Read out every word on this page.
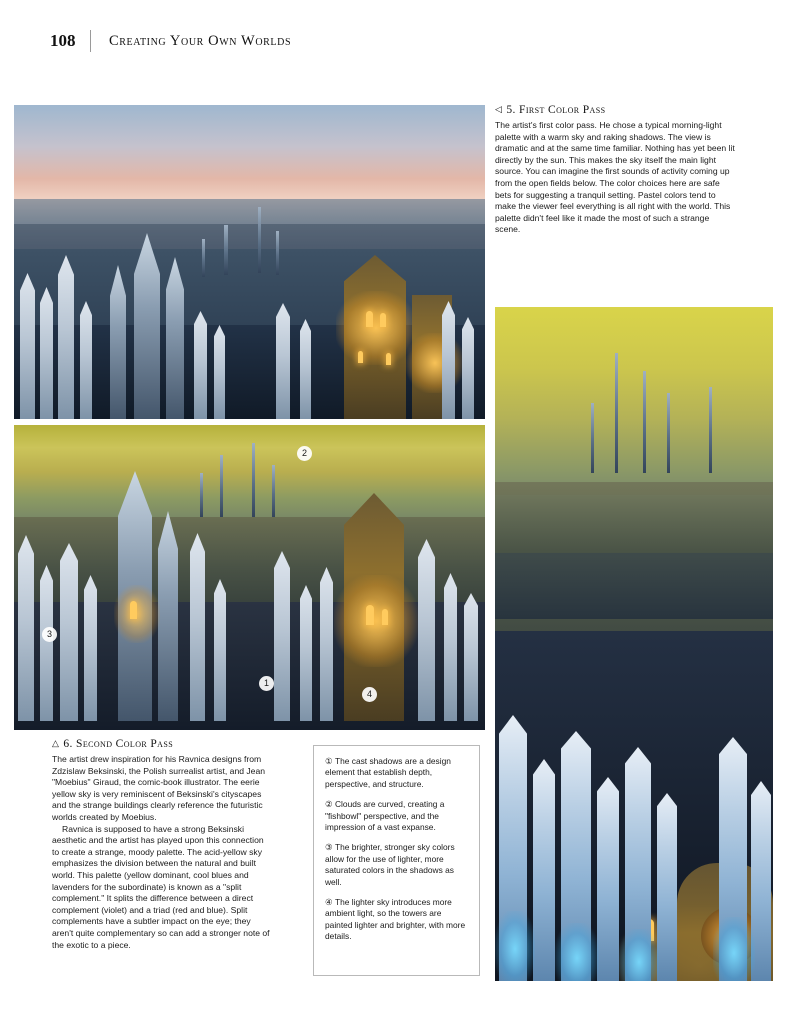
108	Creating Your Own Worlds
2
3
1
4
◁ 5. First Color Pass

The artist's first color pass. He chose a typical morning-light palette with a warm sky and raking shadows. The view is dramatic and at the same time familiar. Nothing has yet been lit directly by the sun. This makes the sky itself the main light source. You can imagine the first sounds of activity coming up from the open fields below. The color choices here are safe bets for suggesting a tranquil setting. Pastel colors tend to make the viewer feel everything is all right with the world. This palette didn't feel like it made the most of such a strange scene.

△ 6. Second Color Pass

The artist drew inspiration for his Ravnica designs from Zdzislaw Beksinski, the Polish surrealist artist, and Jean "Moebius" Giraud, the comic-book illustrator. The eerie yellow sky is very reminiscent of Beksinski's cityscapes and the strange buildings clearly reference the futuristic worlds created by Moebius.

Ravnica is supposed to have a strong Beksinski aesthetic and the artist has played upon this connection to create a strange, moody palette. The acid-yellow sky emphasizes the division between the natural and built world. This palette (yellow dominant, cool blues and lavenders for the subordinate) is known as a "split complement." It splits the difference between a direct complement (violet) and a triad (red and blue). Split complements have a subtler impact on the eye; they aren't quite complementary so can add a stronger note of the exotic to a piece.

① The cast shadows are a design element that establish depth, perspective, and structure.
② Clouds are curved, creating a "fishbowl" perspective, and the impression of a vast expanse.
③ The brighter, stronger sky colors allow for the use of lighter, more saturated colors in the shadows as well.
④ The lighter sky introduces more ambient light, so the towers are painted lighter and brighter, with more details.
